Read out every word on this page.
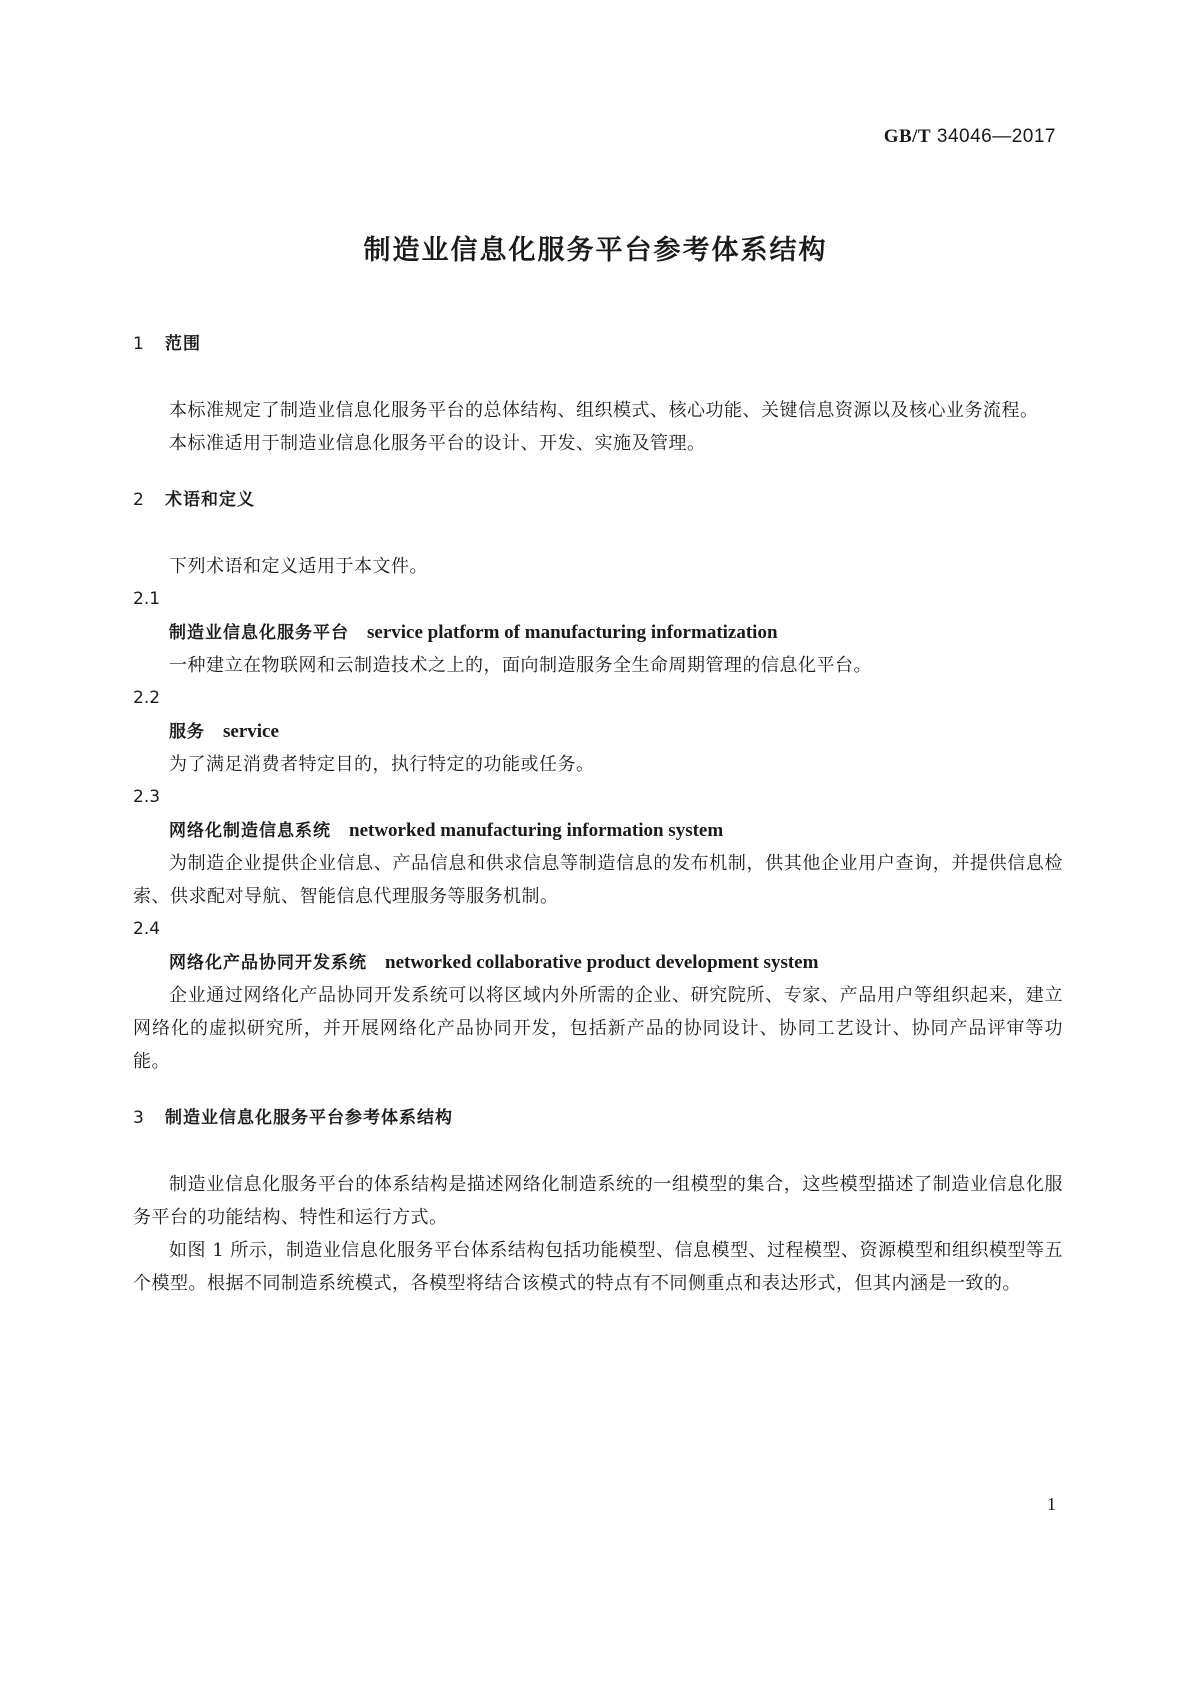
GB/T 34046—2017
制造业信息化服务平台参考体系结构
1 范围

本标准规定了制造业信息化服务平台的总体结构、组织模式、核心功能、关键信息资源以及核心业务流程。

本标准适用于制造业信息化服务平台的设计、开发、实施及管理。

2 术语和定义

下列术语和定义适用于本文件。

2.1
制造业信息化服务平台 service platform of manufacturing informatization

一种建立在物联网和云制造技术之上的，面向制造服务全生命周期管理的信息化平台。

2.2
服务 service

为了满足消费者特定目的，执行特定的功能或任务。

2.3
网络化制造信息系统 networked manufacturing information system

为制造企业提供企业信息、产品信息和供求信息等制造信息的发布机制，供其他企业用户查询，并提供信息检索、供求配对导航、智能信息代理服务等服务机制。

2.4
网络化产品协同开发系统 networked collaborative product development system

企业通过网络化产品协同开发系统可以将区域内外所需的企业、研究院所、专家、产品用户等组织起来，建立网络化的虚拟研究所，并开展网络化产品协同开发，包括新产品的协同设计、协同工艺设计、协同产品评审等功能。

3 制造业信息化服务平台参考体系结构

制造业信息化服务平台的体系结构是描述网络化制造系统的一组模型的集合，这些模型描述了制造业信息化服务平台的功能结构、特性和运行方式。

如图 1 所示，制造业信息化服务平台体系结构包括功能模型、信息模型、过程模型、资源模型和组织模型等五个模型。根据不同制造系统模式，各模型将结合该模式的特点有不同侧重点和表达形式，但其内涵是一致的。

1
